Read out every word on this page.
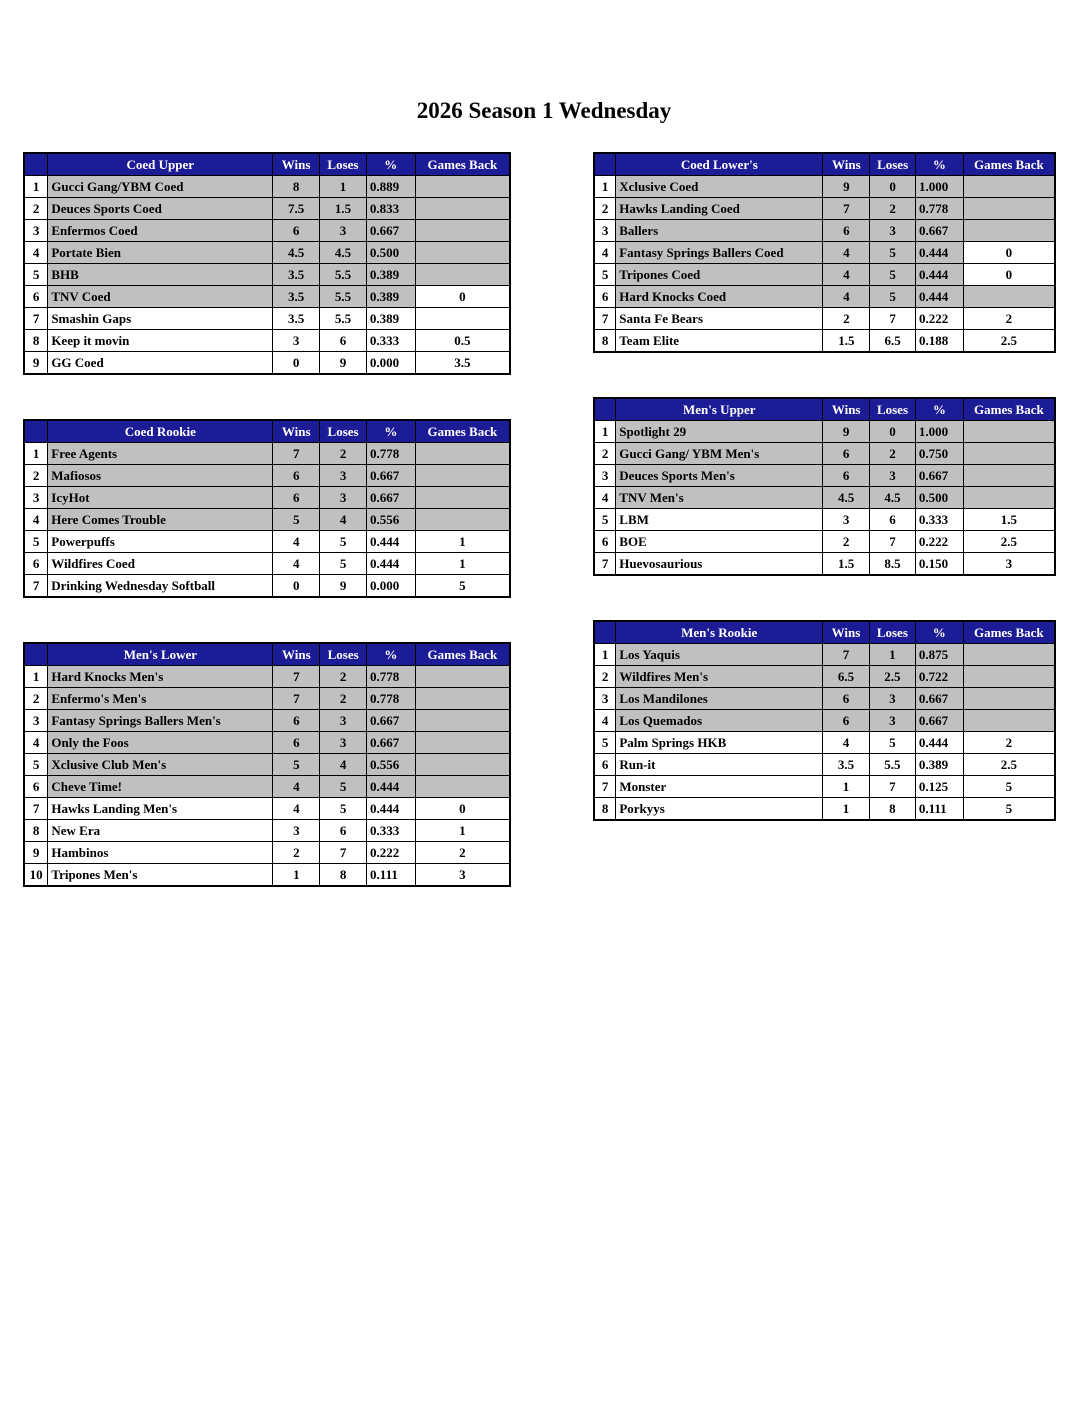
2026 Season 1 Wednesday
	Coed Upper	Wins	Loses	%	Games Back
1	Gucci Gang/YBM Coed	8	1	0.889	
2	Deuces Sports Coed	7.5	1.5	0.833	
3	Enfermos Coed	6	3	0.667	
4	Portate Bien	4.5	4.5	0.500	
5	BHB	3.5	5.5	0.389	
6	TNV Coed	3.5	5.5	0.389	0
7	Smashin Gaps	3.5	5.5	0.389	
8	Keep it movin	3	6	0.333	0.5
9	GG Coed	0	9	0.000	3.5
	Coed Rookie	Wins	Loses	%	Games Back
1	Free Agents	7	2	0.778	
2	Mafiosos	6	3	0.667	
3	IcyHot	6	3	0.667	
4	Here Comes Trouble	5	4	0.556	
5	Powerpuffs	4	5	0.444	1
6	Wildfires Coed	4	5	0.444	1
7	Drinking Wednesday Softball	0	9	0.000	5
	Men's Lower	Wins	Loses	%	Games Back
1	Hard Knocks Men's	7	2	0.778	
2	Enfermo's Men's	7	2	0.778	
3	Fantasy Springs Ballers Men's	6	3	0.667	
4	Only the Foos	6	3	0.667	
5	Xclusive Club Men's	5	4	0.556	
6	Cheve Time!	4	5	0.444	
7	Hawks Landing Men's	4	5	0.444	0
8	New Era	3	6	0.333	1
9	Hambinos	2	7	0.222	2
10	Tripones Men's	1	8	0.111	3
	Coed Lower's	Wins	Loses	%	Games Back
1	Xclusive Coed	9	0	1.000	
2	Hawks Landing Coed	7	2	0.778	
3	Ballers	6	3	0.667	
4	Fantasy Springs Ballers Coed	4	5	0.444	0
5	Tripones Coed	4	5	0.444	0
6	Hard Knocks Coed	4	5	0.444	
7	Santa Fe Bears	2	7	0.222	2
8	Team Elite	1.5	6.5	0.188	2.5
	Men's Upper	Wins	Loses	%	Games Back
1	Spotlight 29	9	0	1.000	
2	Gucci Gang/ YBM Men's	6	2	0.750	
3	Deuces Sports Men's	6	3	0.667	
4	TNV Men's	4.5	4.5	0.500	
5	LBM	3	6	0.333	1.5
6	BOE	2	7	0.222	2.5
7	Huevosaurious	1.5	8.5	0.150	3
	Men's Rookie	Wins	Loses	%	Games Back
1	Los Yaquis	7	1	0.875	
2	Wildfires Men's	6.5	2.5	0.722	
3	Los Mandilones	6	3	0.667	
4	Los Quemados	6	3	0.667	
5	Palm Springs HKB	4	5	0.444	2
6	Run-it	3.5	5.5	0.389	2.5
7	Monster	1	7	0.125	5
8	Porkyys	1	8	0.111	5
